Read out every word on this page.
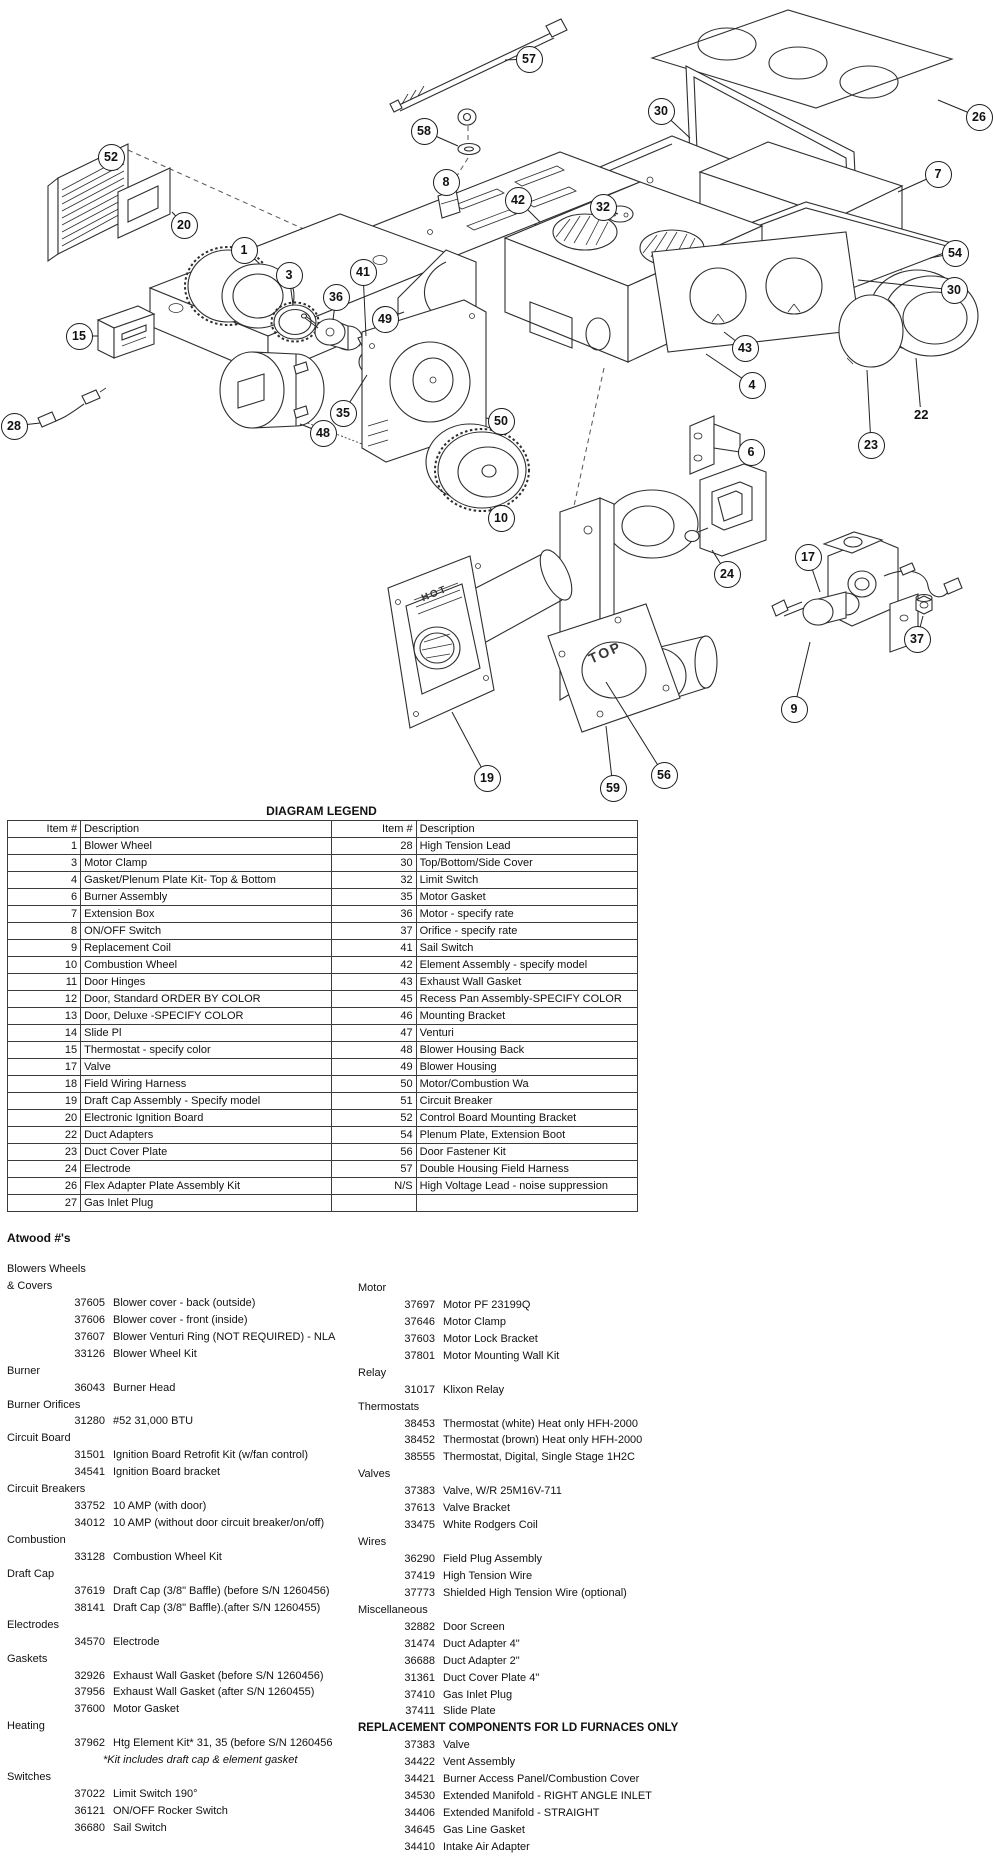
52
20
1
3
36
41
49
15
28
57
58
8
30	26
7
42	32
54
30
43
4
35
48
50
10
6	23
22
24
17
37
9
19
59
56
TOP
HOT
DIAGRAM LEGEND
Item #	Description	Item #	Description
1	Blower Wheel	28	High Tension Lead
3	Motor Clamp	30	Top/Bottom/Side Cover
4	Gasket/Plenum Plate Kit- Top & Bottom	32	Limit Switch
6	Burner Assembly	35	Motor Gasket
7	Extension Box	36	Motor - specify rate
8	ON/OFF Switch	37	Orifice - specify rate
9	Replacement Coil	41	Sail Switch
10	Combustion Wheel	42	Element Assembly - specify model
11	Door Hinges	43	Exhaust Wall Gasket
12	Door, Standard ORDER BY COLOR	45	Recess Pan Assembly-SPECIFY COLOR
13	Door, Deluxe -SPECIFY COLOR	46	Mounting Bracket
14	Slide Pl	47	Venturi
15	Thermostat - specify color	48	Blower Housing Back
17	Valve	49	Blower Housing
18	Field Wiring Harness	50	Motor/Combustion Wa
19	Draft Cap Assembly - Specify model	51	Circuit Breaker
20	Electronic Ignition Board	52	Control Board Mounting Bracket
22	Duct Adapters	54	Plenum Plate, Extension Boot
23	Duct Cover Plate	56	Door Fastener Kit
24	Electrode	57	Double Housing Field Harness
26	Flex Adapter Plate Assembly Kit	N/S	High Voltage Lead - noise suppression
27	Gas Inlet Plug		
Atwood #'s
Blowers Wheels
& Covers
37605 Blower cover - back (outside)
37606 Blower cover - front (inside)
37607 Blower Venturi Ring (NOT REQUIRED) - NLA
33126 Blower Wheel Kit
Burner
36043 Burner Head
Burner Orifices
31280 #52 31,000 BTU
Circuit Board
31501 Ignition Board Retrofit Kit (w/fan control)
34541 Ignition Board bracket
Circuit Breakers
33752 10 AMP (with door)
34012 10 AMP (without door circuit breaker/on/off)
Combustion
33128 Combustion Wheel Kit
Draft Cap
37619 Draft Cap (3/8" Baffle) (before S/N 1260456)
38141 Draft Cap (3/8" Baffle).(after S/N 1260455)
Electrodes
34570 Electrode
Gaskets
32926 Exhaust Wall Gasket (before S/N 1260456)
37956 Exhaust Wall Gasket (after S/N 1260455)
37600 Motor Gasket
Heating
37962 Htg Element Kit* 31, 35 (before S/N 1260456
*Kit includes draft cap & element gasket
Switches
37022 Limit Switch 190°
36121 ON/OFF Rocker Switch
36680 Sail Switch
Motor
37697 Motor PF 23199Q
37646 Motor Clamp
37603 Motor Lock Bracket
37801 Motor Mounting Wall Kit
Relay
31017 Klixon Relay
Thermostats
38453 Thermostat (white) Heat only HFH-2000
38452 Thermostat (brown) Heat only HFH-2000
38555 Thermostat, Digital, Single Stage 1H2C
Valves
37383 Valve, W/R 25M16V-711
37613 Valve Bracket
33475 White Rodgers Coil
Wires
36290 Field Plug Assembly
37419 High Tension Wire
37773 Shielded High Tension Wire (optional)
Miscellaneous
32882 Door Screen
31474 Duct Adapter 4"
36688 Duct Adapter 2"
31361 Duct Cover Plate 4"
37410 Gas Inlet Plug
37411 Slide Plate
REPLACEMENT COMPONENTS FOR LD FURNACES ONLY
37383 Valve
34422 Vent Assembly
34421 Burner Access Panel/Combustion Cover
34530 Extended Manifold - RIGHT ANGLE INLET
34406 Extended Manifold - STRAIGHT
34645 Gas Line Gasket
34410 Intake Air Adapter
